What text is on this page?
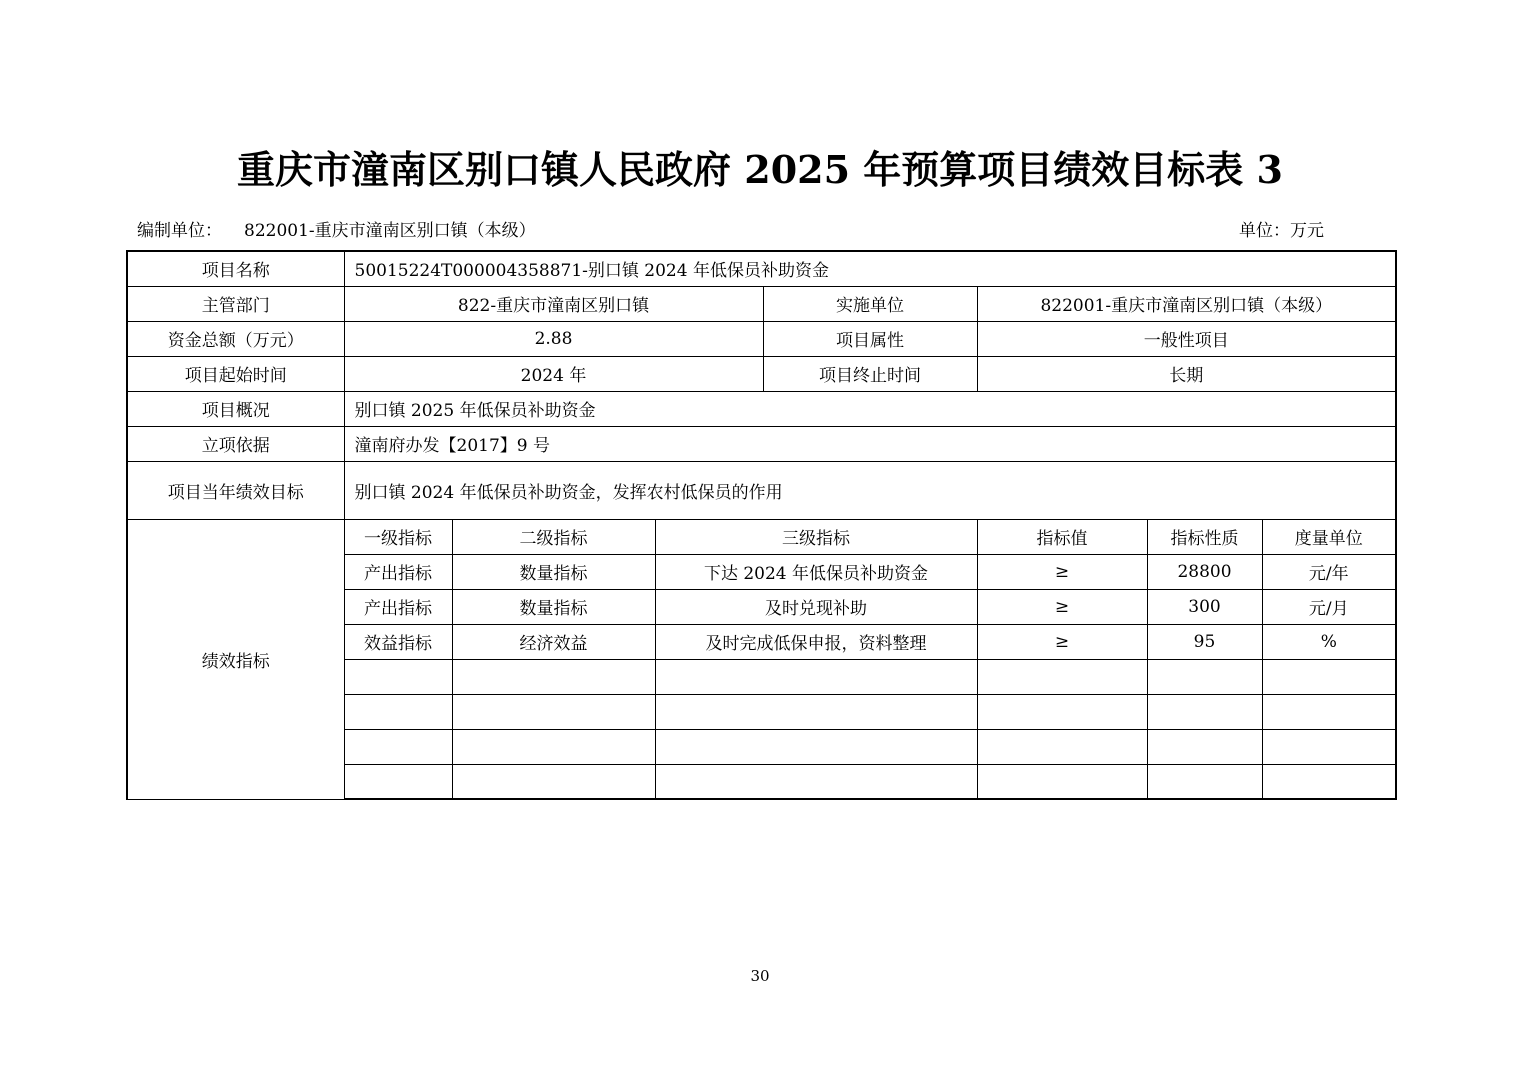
重庆市潼南区别口镇人民政府 2025 年预算项目绩效目标表 3
编制单位： 822001-重庆市潼南区别口镇（本级）	单位：万元
项目名称	50015224T000004358871-别口镇 2024 年低保员补助资金						
主管部门	822-重庆市潼南区别口镇			实施单位	822001-重庆市潼南区别口镇（本级）		
资金总额（万元）	2.88			项目属性	一般性项目		
项目起始时间	2024 年			项目终止时间	长期		
项目概况	别口镇 2025 年低保员补助资金						
立项依据	潼南府办发【2017】9 号						
项目当年绩效目标	别口镇 2024 年低保员补助资金，发挥农村低保员的作用						
绩效指标	一级指标	二级指标	三级指标		指标值	指标性质	度量单位
	产出指标	数量指标	下达 2024 年低保员补助资金		≥	28800	元/年
	产出指标	数量指标	及时兑现补助		≥	300	元/月
	效益指标	经济效益	及时完成低保申报，资料整理		≥	95	%

30
